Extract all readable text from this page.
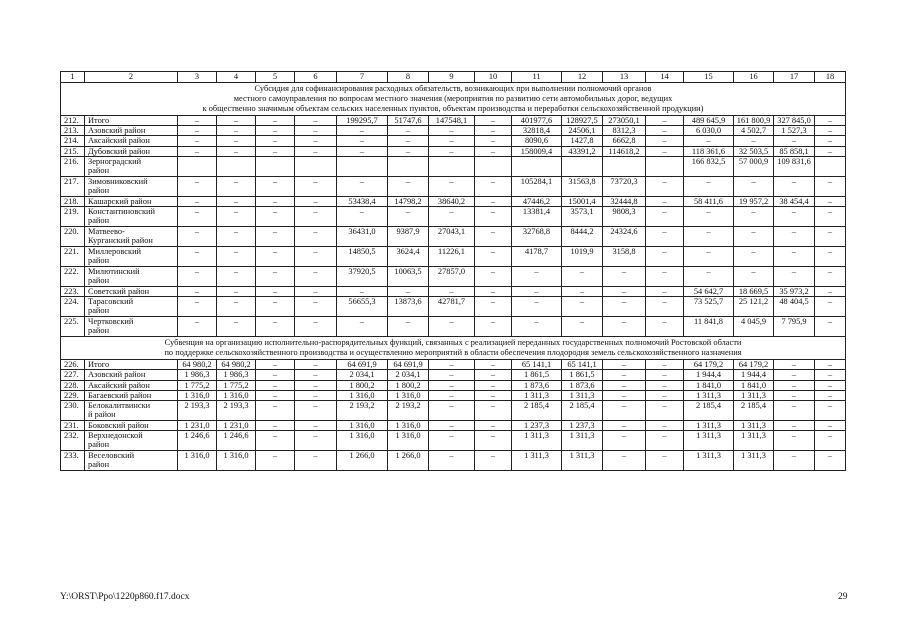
1	2	3	4	5	6	7	8	9	10	11	12	13	14	15	16	17	18

Субсидия для софинансирования расходных обязательств, возникающих при выполнении полномочий органов
местного самоуправления по вопросам местного значения (мероприятия по развитию сети автомобильных дорог, ведущих
к общественно значимым объектам сельских населенных пунктов, объектам производства и переработки сельскохозяйственной продукции)																	

212.	Итого	–	–	–	–	199295,7	51747,6	147548,1	–	401977,6	128927,5	273050,1	–	489 645,9	161 800,9	327 845,0	–
213.	Азовский район	–	–	–	–	–	–	–	–	32818,4	24506,1	8312,3	–	6 030,0	4 502,7	1 527,3	–
214.	Аксайский район	–	–	–	–	–	–	–	–	8090,6	1427,8	6662,8	–	–	–	–	–
215.	Дубовский район	–	–	–	–	–	–	–	–	158009,4	43391,2	114618,2	–	118 361,6	32 503,5	85 858,1	–
216.	Зерноградский
район													166 832,5	57 000,9	109 831,6	
217.	Зимовниковский
район	–	–	–	–	–	–	–	–	105284,1	31563,8	73720,3	–	–	–	–	–
218.	Кашарский район	–	–	–	–	53438,4	14798,2	38640,2	–	47446,2	15001,4	32444,8	–	58 411,6	19 957,2	38 454,4	–
219.	Константиновский
район	–	–	–	–	–	–	–	–	13381,4	3573,1	9808,3	–	–	–	–	–
220.	Матвеево-
Курганский район	–	–	–	–	36431,0	9387,9	27043,1	–	32768,8	8444,2	24324,6	–	–	–	–	–
221.	Миллеровский
район	–	–	–	–	14850,5	3624,4	11226,1	–	4178,7	1019,9	3158,8	–	–	–	–	–
222.	Милютинский
район	–	–	–	–	37920,5	10063,5	27857,0	–	–	–	–	–	–	–	–	–
223.	Советский район	–	–	–	–	–	–	–	–	–	–	–	–	54 642,7	18 669,5	35 973,2	–
224.	Тарасовский
район	–	–	–	–	56655,3	13873,6	42781,7	–	–	–	–	–	73 525,7	25 121,2	48 404,5	–
225.	Чертковский
район	–	–	–	–	–	–	–	–	–	–	–	–	11 841,8	4 045,9	7 795,9	–

Субвенция на организацию исполнительно-распорядительных функций, связанных с реализацией переданных государственных полномочий Ростовской области
по поддержке сельскохозяйственного производства и осуществлению мероприятий в области обеспечения плодородия земель сельскохозяйственного назначения																	

226.	Итого	64 980,2	64 980,2	–	–	64 691,9	64 691,9	–	–	65 141,1	65 141,1	–	–	64 179,2	64 179,2	–	–
227.	Азовский район	1 986,3	1 986,3	–	–	2 034,1	2 034,1	–	–	1 861,5	1 861,5	–	–	1 944,4	1 944,4	–	–
228.	Аксайский район	1 775,2	1 775,2	–	–	1 800,2	1 800,2	–	–	1 873,6	1 873,6	–	–	1 841,0	1 841,0	–	–
229.	Багаевский район	1 316,0	1 316,0	–	–	1 316,0	1 316,0	–	–	1 311,3	1 311,3	–	–	1 311,3	1 311,3	–	–
230.	Белокалитвински
й район	2 193,3	2 193,3	–	–	2 193,2	2 193,2	–	–	2 185,4	2 185,4	–	–	2 185,4	2 185,4	–	–
231.	Боковский район	1 231,0	1 231,0	–	–	1 316,0	1 316,0	–	–	1 237,3	1 237,3	–	–	1 311,3	1 311,3	–	–
232.	Верхнедонской
район	1 246,6	1 246,6	–	–	1 316,0	1 316,0	–	–	1 311,3	1 311,3	–	–	1 311,3	1 311,3	–	–
233.	Веселовский
район	1 316,0	1 316,0	–	–	1 266,0	1 266,0	–	–	1 311,3	1 311,3	–	–	1 311,3	1 311,3	–	–
Y:\ORST\Ppo\1220p860.f17.docx	29
